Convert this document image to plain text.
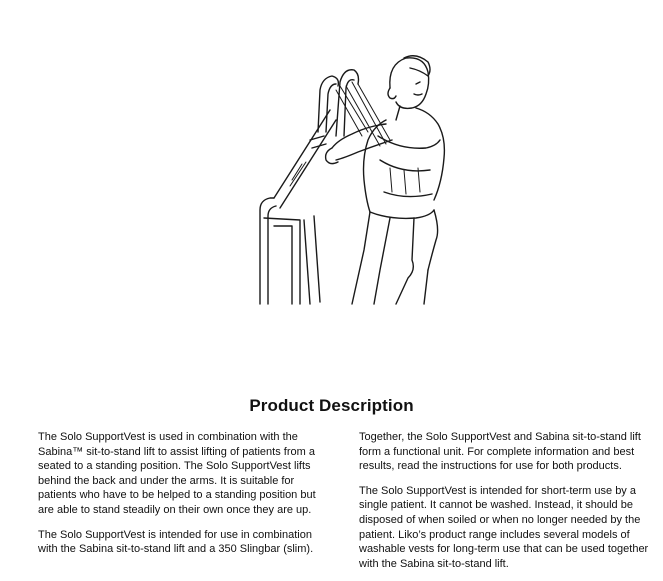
Product Description

The Solo SupportVest is used in combination with the Sabina™ sit-to-stand lift to assist lifting of patients from a seated to a standing position. The Solo SupportVest lifts behind the back and under the arms. It is suitable for patients who have to be helped to a standing position but are able to stand steadily on their own once they are up.

The Solo SupportVest is intended for use in combination with the Sabina sit-to-stand lift and a 350 Slingbar (slim).

Together, the Solo SupportVest and Sabina sit-to-stand lift form a functional unit. For complete information and best results, read the instructions for use for both products.

The Solo SupportVest is intended for short-term use by a single patient. It cannot be washed. Instead, it should be disposed of when soiled or when no longer needed by the patient. Liko’s product range includes several models of washable vests for long-term use that can be used together with the Sabina sit-to-stand lift.
